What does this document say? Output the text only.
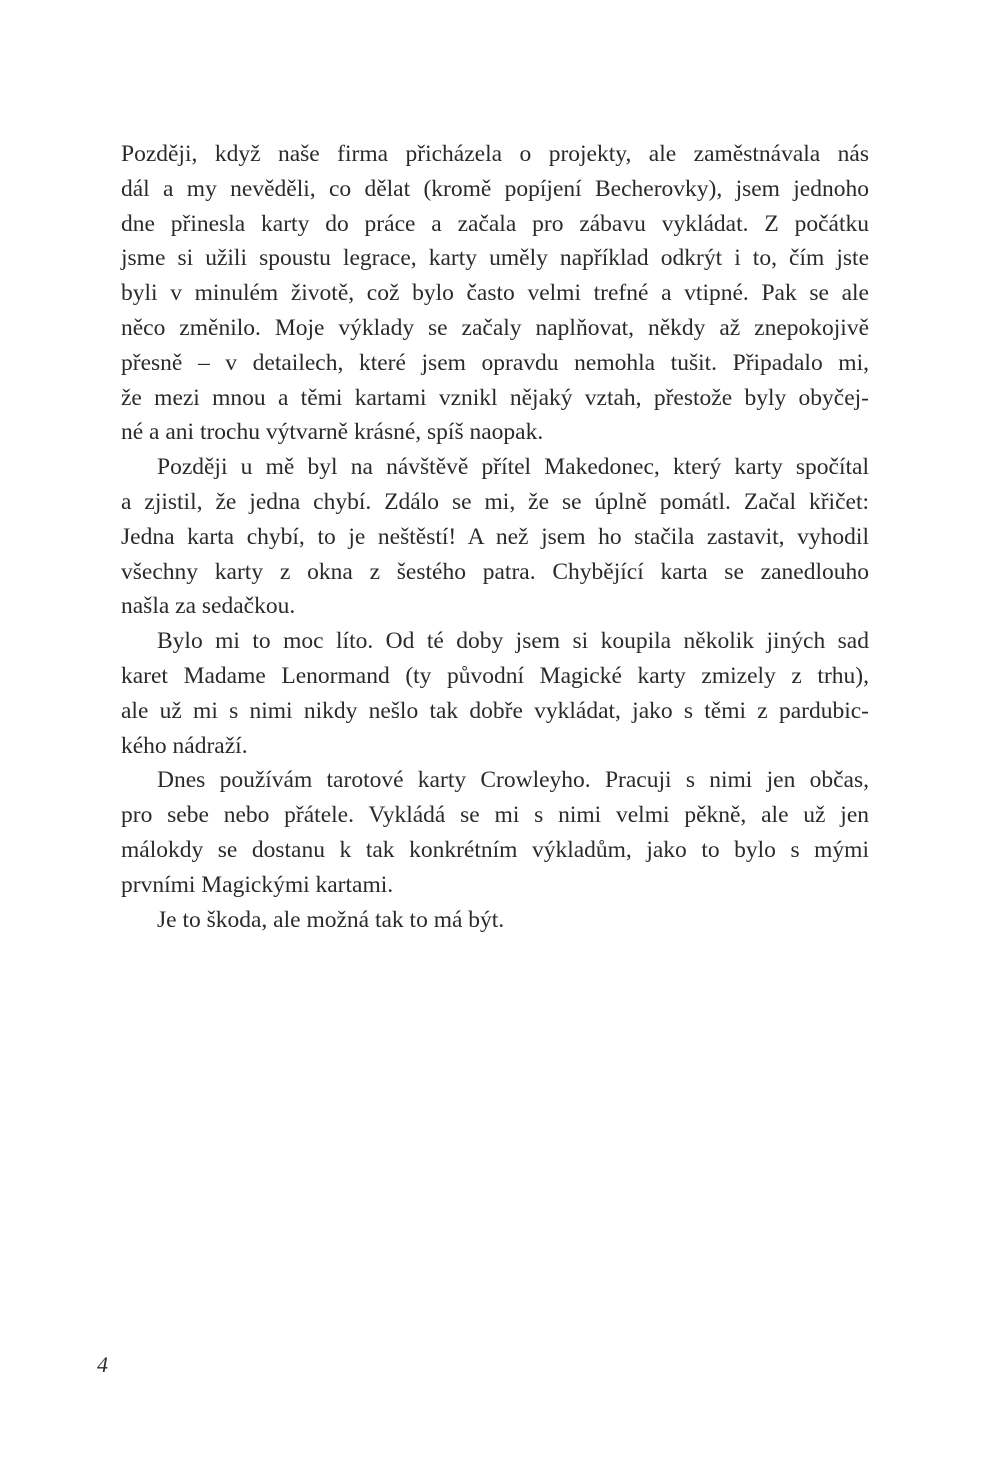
Později, když naše firma přicházela o projekty, ale zaměstnávala nás
dál a my nevěděli, co dělat (kromě popíjení Becherovky), jsem jednoho
dne přinesla karty do práce a začala pro zábavu vykládat. Z počátku
jsme si užili spoustu legrace, karty uměly například odkrýt i to, čím jste
byli v minulém životě, což bylo často velmi trefné a vtipné. Pak se ale
něco změnilo. Moje výklady se začaly naplňovat, někdy až znepokojivě
přesně – v detailech, které jsem opravdu nemohla tušit. Připadalo mi,
že mezi mnou a těmi kartami vznikl nějaký vztah, přestože byly obyčej-
né a ani trochu výtvarně krásné, spíš naopak.

Později u mě byl na návštěvě přítel Makedonec, který karty spočítal
a zjistil, že jedna chybí. Zdálo se mi, že se úplně pomátl. Začal křičet:
Jedna karta chybí, to je neštěstí! A než jsem ho stačila zastavit, vyhodil
všechny karty z okna z šestého patra. Chybějící karta se zanedlouho
našla za sedačkou.

Bylo mi to moc líto. Od té doby jsem si koupila několik jiných sad
karet Madame Lenormand (ty původní Magické karty zmizely z trhu),
ale už mi s nimi nikdy nešlo tak dobře vykládat, jako s těmi z pardubic-
kého nádraží.

Dnes používám tarotové karty Crowleyho. Pracuji s nimi jen občas,
pro sebe nebo přátele. Vykládá se mi s nimi velmi pěkně, ale už jen
málokdy se dostanu k tak konkrétním výkladům, jako to bylo s mými
prvními Magickými kartami.

Je to škoda, ale možná tak to má být.

4
